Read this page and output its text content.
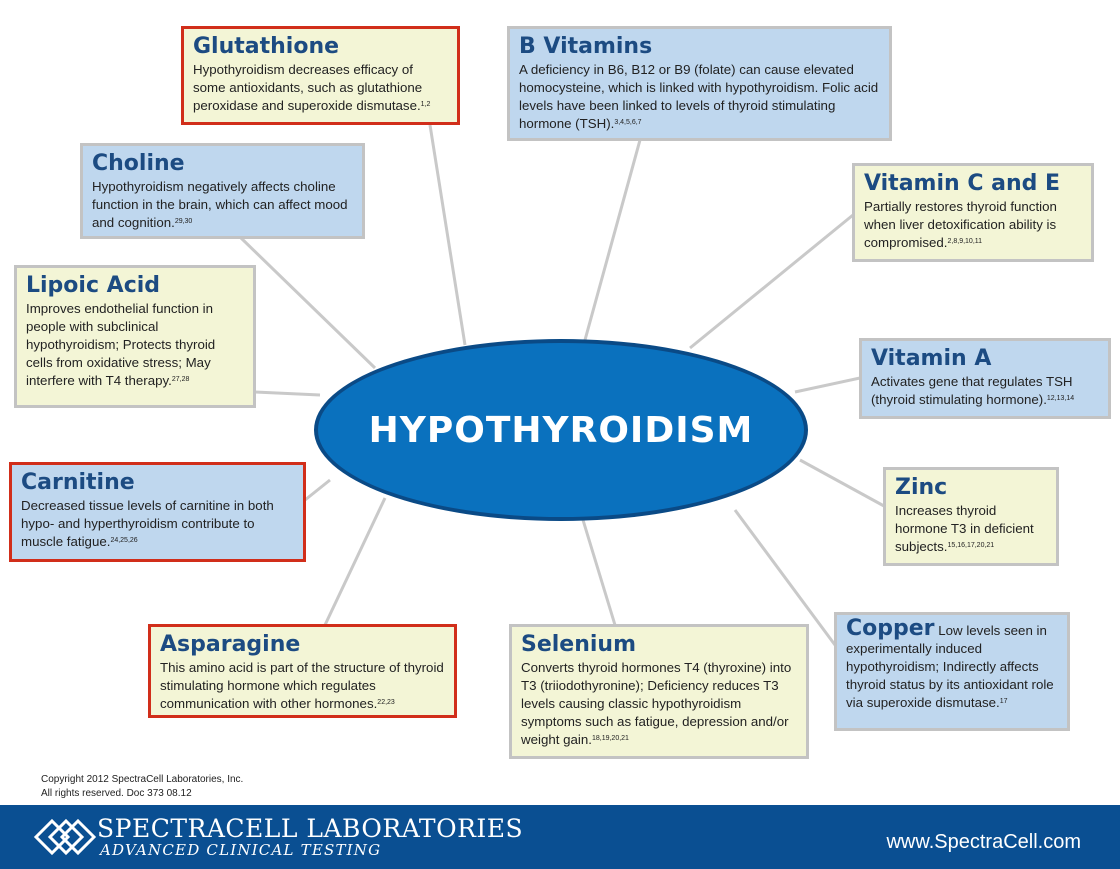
HYPOTHYROIDISM
Glutathione

Hypothyroidism decreases efficacy of some antioxidants, such as glutathione peroxidase and superoxide dismutase.$^{1,2}$

B Vitamins

A deficiency in B6, B12 or B9 (folate) can cause elevated homocysteine, which is linked with hypothyroidism. Folic acid levels have been linked to levels of thyroid stimulating hormone (TSH).$^{3,4,5,6,7}$

Choline

Hypothyroidism negatively affects choline function in the brain, which can affect mood and cognition.$^{29,30}$

Vitamin C and E

Partially restores thyroid function when liver detoxification ability is compromised.$^{2,8,9,10,11}$

Lipoic Acid

Improves endothelial function in people with subclinical hypothyroidism; Protects thyroid cells from oxidative stress; May interfere with T4 therapy.$^{27,28}$

Vitamin A

Activates gene that regulates TSH (thyroid stimulating hormone).$^{12,13,14}$

Carnitine

Decreased tissue levels of carnitine in both hypo- and hyperthyroidism contribute to muscle fatigue.$^{24,25,26}$

Zinc

Increases thyroid hormone T3 in deficient subjects.$^{15,16,17,20,21}$

Asparagine

This amino acid is part of the structure of thyroid stimulating hormone which regulates communication with other hormones.$^{22,23}$

Selenium

Converts thyroid hormones T4 (thyroxine) into T3 (triiodothyronine); Deficiency reduces T3 levels causing classic hypothyroidism symptoms such as fatigue, depression and/or weight gain.$^{18,19,20,21}$

Copper Low levels seen in experimentally induced hypothyroidism; Indirectly affects thyroid status by its antioxidant role via superoxide dismutase.$^{17}$

Copyright 2012 SpectraCell Laboratories, Inc.
All rights reserved. Doc 373 08.12
SPECTRACELL LABORATORIES
ADVANCED CLINICAL TESTING	www.SpectraCell.com
